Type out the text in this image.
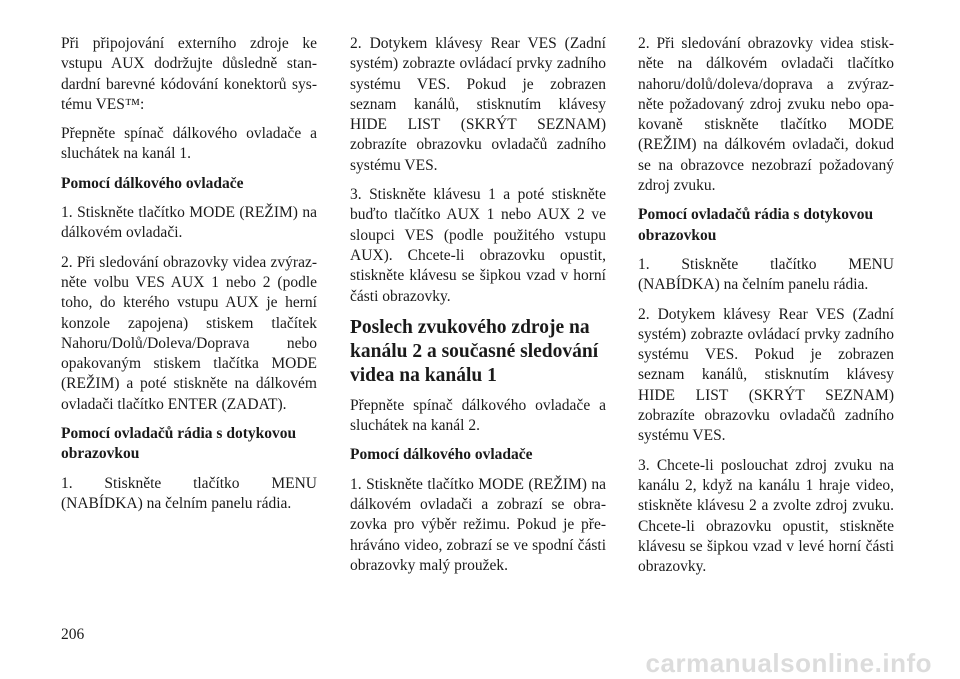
Při připojování externího zdroje ke vstupu AUX dodržujte důsledně standardní barevné kódování konektorů systému VES™:

Přepněte spínač dálkového ovladače a sluchátek na kanál 1.

Pomocí dálkového ovladače

1. Stiskněte tlačítko MODE (REŽIM) na dálkovém ovladači.

2. Při sledování obrazovky videa zvýrazněte volbu VES AUX 1 nebo 2 (podle toho, do kterého vstupu AUX je herní konzole zapojena) stiskem tlačítek Nahoru/Dolů/Doleva/Doprava nebo opakovaným stiskem tlačítka MODE (REŽIM) a poté stiskněte na dálkovém ovladači tlačítko ENTER (ZADAT).

Pomocí ovladačů rádia s dotykovou obrazovkou

1. Stiskněte tlačítko MENU (NABÍDKA) na čelním panelu rádia.

2. Dotykem klávesy Rear VES (Zadní systém) zobrazte ovládací prvky zadního systému VES. Pokud je zobrazen seznam kanálů, stisknutím klávesy HIDE LIST (SKRÝT SEZNAM) zobrazíte obrazovku ovladačů zadního systému VES.

3. Stiskněte klávesu 1 a poté stiskněte buďto tlačítko AUX 1 nebo AUX 2 ve sloupci VES (podle použitého vstupu AUX). Chcete-li obrazovku opustit, stiskněte klávesu se šipkou vzad v horní části obrazovky.

Poslech zvukového zdroje na kanálu 2 a současné sledování videa na kanálu 1

Přepněte spínač dálkového ovladače a sluchátek na kanál 2.

Pomocí dálkového ovladače

1. Stiskněte tlačítko MODE (REŽIM) na dálkovém ovladači a zobrazí se obrazovka pro výběr režimu. Pokud je přehráváno video, zobrazí se ve spodní části obrazovky malý proužek.

2. Při sledování obrazovky videa stiskněte na dálkovém ovladači tlačítko nahoru/dolů/doleva/doprava a zvýrazněte požadovaný zdroj zvuku nebo opakovaně stiskněte tlačítko MODE (REŽIM) na dálkovém ovladači, dokud se na obrazovce nezobrazí požadovaný zdroj zvuku.

Pomocí ovladačů rádia s dotykovou obrazovkou

1. Stiskněte tlačítko MENU (NABÍDKA) na čelním panelu rádia.

2. Dotykem klávesy Rear VES (Zadní systém) zobrazte ovládací prvky zadního systému VES. Pokud je zobrazen seznam kanálů, stisknutím klávesy HIDE LIST (SKRÝT SEZNAM) zobrazíte obrazovku ovladačů zadního systému VES.

3. Chcete-li poslouchat zdroj zvuku na kanálu 2, když na kanálu 1 hraje video, stiskněte klávesu 2 a zvolte zdroj zvuku. Chcete-li obrazovku opustit, stiskněte klávesu se šipkou vzad v levé horní části obrazovky.

206
carmanualsonline.info
